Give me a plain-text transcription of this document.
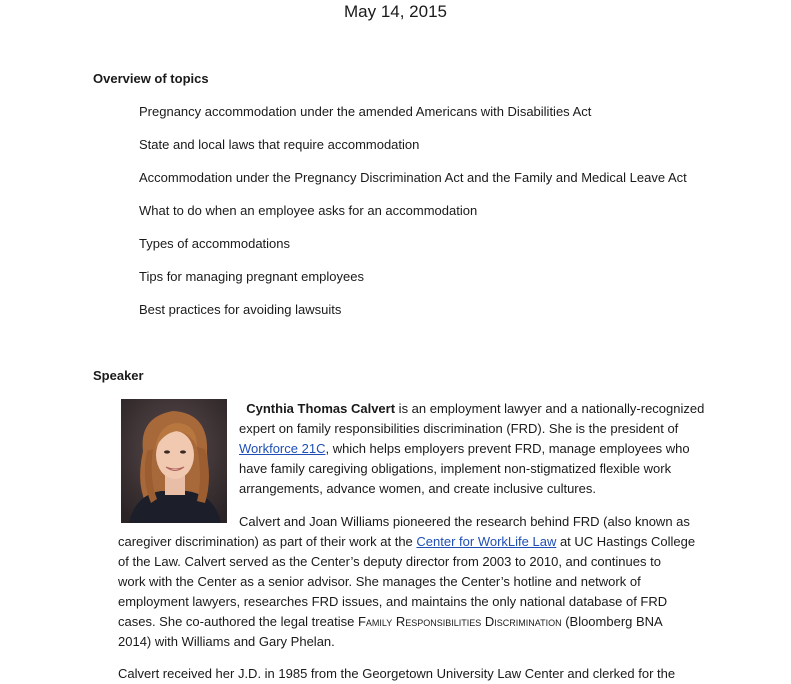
May 14, 2015
Overview of topics
Pregnancy accommodation under the amended Americans with Disabilities Act
State and local laws that require accommodation
Accommodation under the Pregnancy Discrimination Act and the Family and Medical Leave Act
What to do when an employee asks for an accommodation
Types of accommodations
Tips for managing pregnant employees
Best practices for avoiding lawsuits
Speaker
Cynthia Thomas Calvert is an employment lawyer and a nationally-recognized
expert on family responsibilities discrimination (FRD). She is the president of
Workforce 21C, which helps employers prevent FRD, manage employees who
have family caregiving obligations, implement non-stigmatized flexible work
arrangements, advance women, and create inclusive cultures.
Calvert and Joan Williams pioneered the research behind FRD (also known as
caregiver discrimination) as part of their work at the Center for WorkLife Law at UC Hastings College
of the Law. Calvert served as the Center’s deputy director from 2003 to 2010, and continues to
work with the Center as a senior advisor. She manages the Center’s hotline and network of
employment lawyers, researches FRD issues, and maintains the only national database of FRD
cases. She co-authored the legal treatise Family Responsibilities Discrimination (Bloomberg BNA
2014) with Williams and Gary Phelan.
Calvert received her J.D. in 1985 from the Georgetown University Law Center and clerked for the
